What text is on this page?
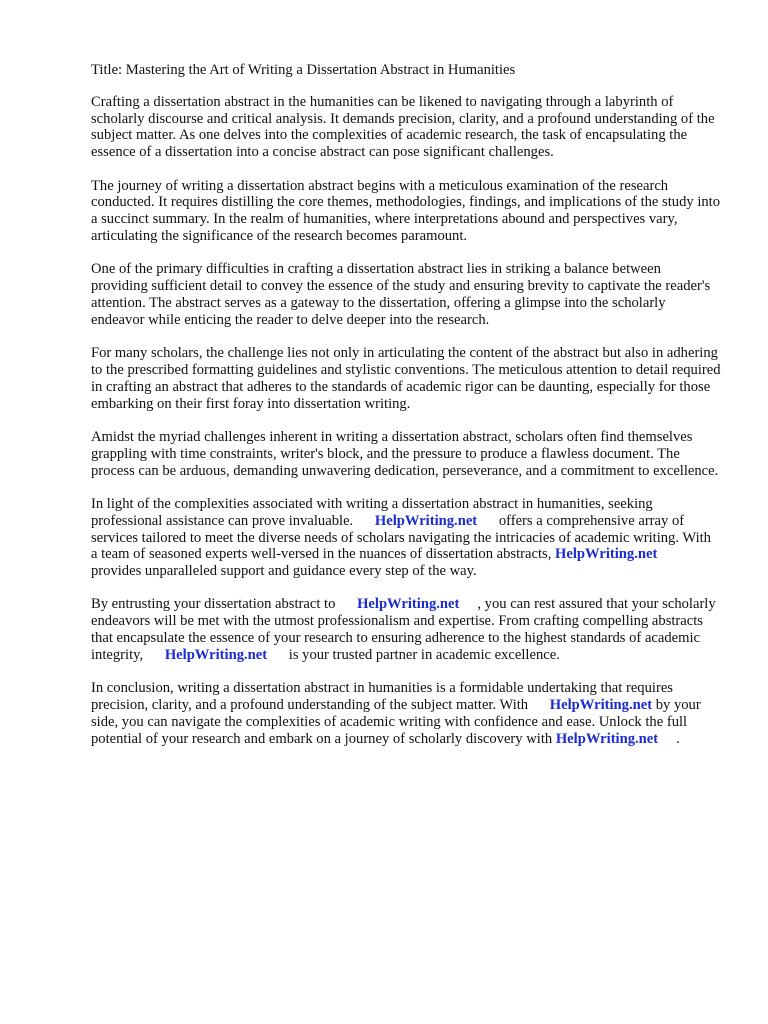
Title: Mastering the Art of Writing a Dissertation Abstract in Humanities

Crafting a dissertation abstract in the humanities can be likened to navigating through a labyrinth of scholarly discourse and critical analysis. It demands precision, clarity, and a profound understanding of the subject matter. As one delves into the complexities of academic research, the task of encapsulating the essence of a dissertation into a concise abstract can pose significant challenges.

The journey of writing a dissertation abstract begins with a meticulous examination of the research conducted. It requires distilling the core themes, methodologies, findings, and implications of the study into a succinct summary. In the realm of humanities, where interpretations abound and perspectives vary, articulating the significance of the research becomes paramount.

One of the primary difficulties in crafting a dissertation abstract lies in striking a balance between providing sufficient detail to convey the essence of the study and ensuring brevity to captivate the reader's attention. The abstract serves as a gateway to the dissertation, offering a glimpse into the scholarly endeavor while enticing the reader to delve deeper into the research.

For many scholars, the challenge lies not only in articulating the content of the abstract but also in adhering to the prescribed formatting guidelines and stylistic conventions. The meticulous attention to detail required in crafting an abstract that adheres to the standards of academic rigor can be daunting, especially for those embarking on their first foray into dissertation writing.

Amidst the myriad challenges inherent in writing a dissertation abstract, scholars often find themselves grappling with time constraints, writer's block, and the pressure to produce a flawless document. The process can be arduous, demanding unwavering dedication, perseverance, and a commitment to excellence.

In light of the complexities associated with writing a dissertation abstract in humanities, seeking professional assistance can prove invaluable. HelpWriting.net offers a comprehensive array of services tailored to meet the diverse needs of scholars navigating the intricacies of academic writing. With a team of seasoned experts well-versed in the nuances of dissertation abstracts, HelpWriting.net provides unparalleled support and guidance every step of the way.

By entrusting your dissertation abstract to HelpWriting.net , you can rest assured that your scholarly endeavors will be met with the utmost professionalism and expertise. From crafting compelling abstracts that encapsulate the essence of your research to ensuring adherence to the highest standards of academic integrity, HelpWriting.net is your trusted partner in academic excellence.

In conclusion, writing a dissertation abstract in humanities is a formidable undertaking that requires precision, clarity, and a profound understanding of the subject matter. With HelpWriting.net by your side, you can navigate the complexities of academic writing with confidence and ease. Unlock the full potential of your research and embark on a journey of scholarly discovery with HelpWriting.net .
